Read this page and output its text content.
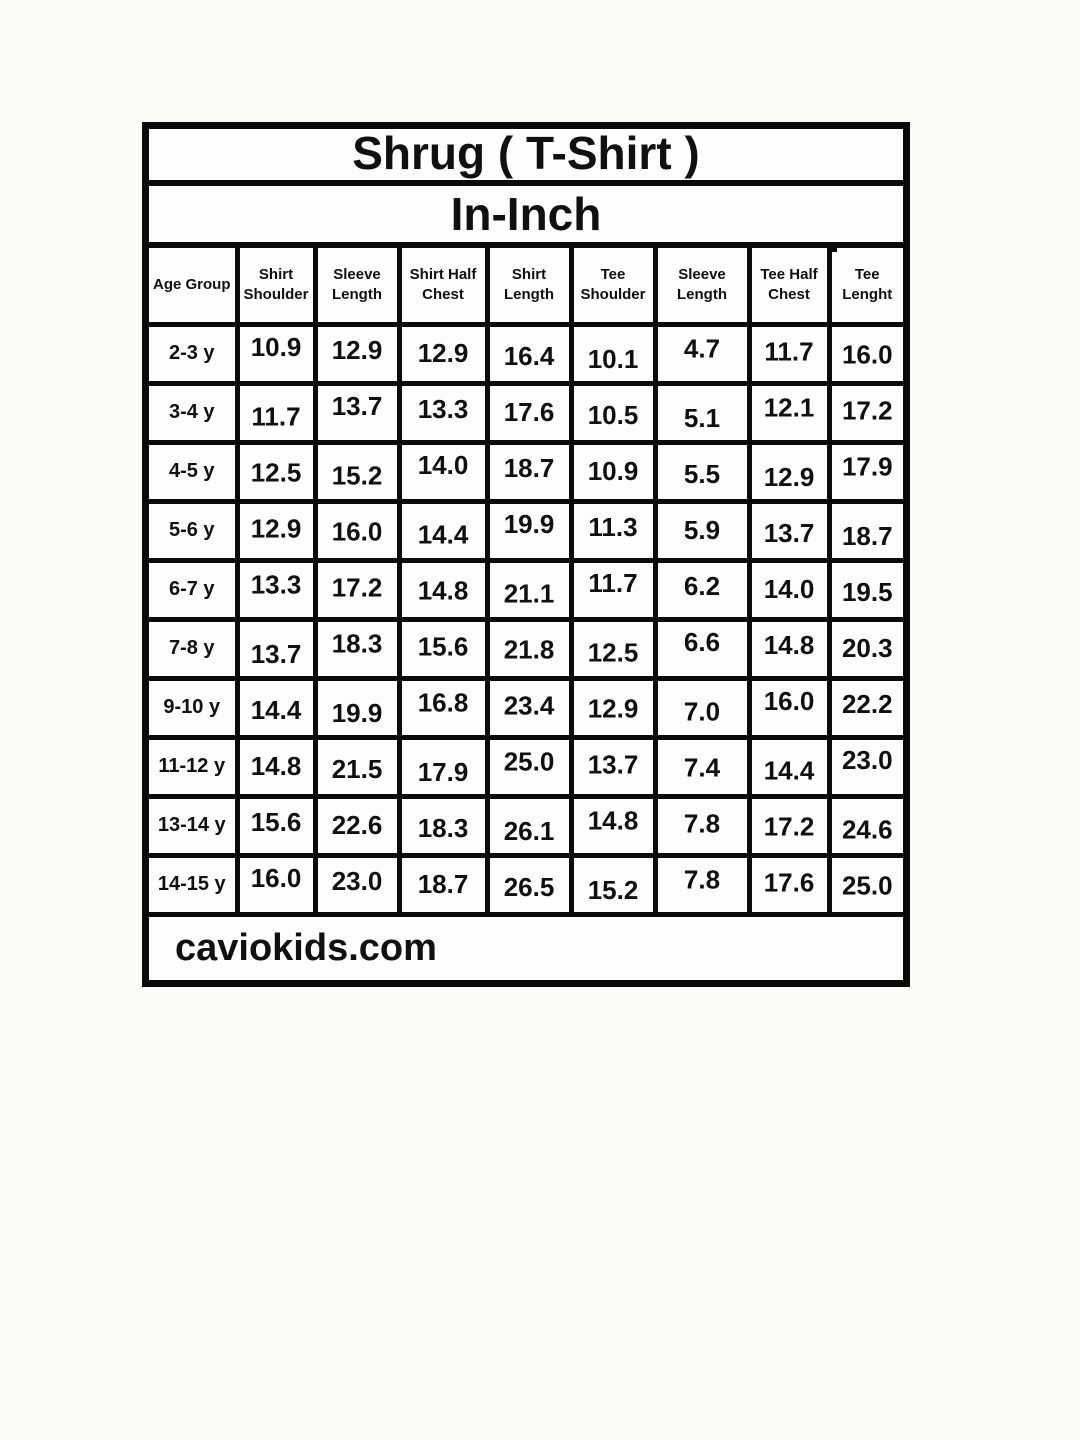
Shrug ( T-Shirt )
In-Inch
Age Group	Shirt Shoulder	Sleeve Length	Shirt Half Chest	Shirt Length	Tee Shoulder	Sleeve Length	Tee Half Chest	Tee Lenght
2-3 y	10.9	12.9	12.9	16.4	10.1	4.7	11.7	16.0
3-4 y	11.7	13.7	13.3	17.6	10.5	5.1	12.1	17.2
4-5 y	12.5	15.2	14.0	18.7	10.9	5.5	12.9	17.9
5-6 y	12.9	16.0	14.4	19.9	11.3	5.9	13.7	18.7
6-7 y	13.3	17.2	14.8	21.1	11.7	6.2	14.0	19.5
7-8 y	13.7	18.3	15.6	21.8	12.5	6.6	14.8	20.3
9-10 y	14.4	19.9	16.8	23.4	12.9	7.0	16.0	22.2
11-12 y	14.8	21.5	17.9	25.0	13.7	7.4	14.4	23.0
13-14 y	15.6	22.6	18.3	26.1	14.8	7.8	17.2	24.6
14-15 y	16.0	23.0	18.7	26.5	15.2	7.8	17.6	25.0
caviokids.com								
